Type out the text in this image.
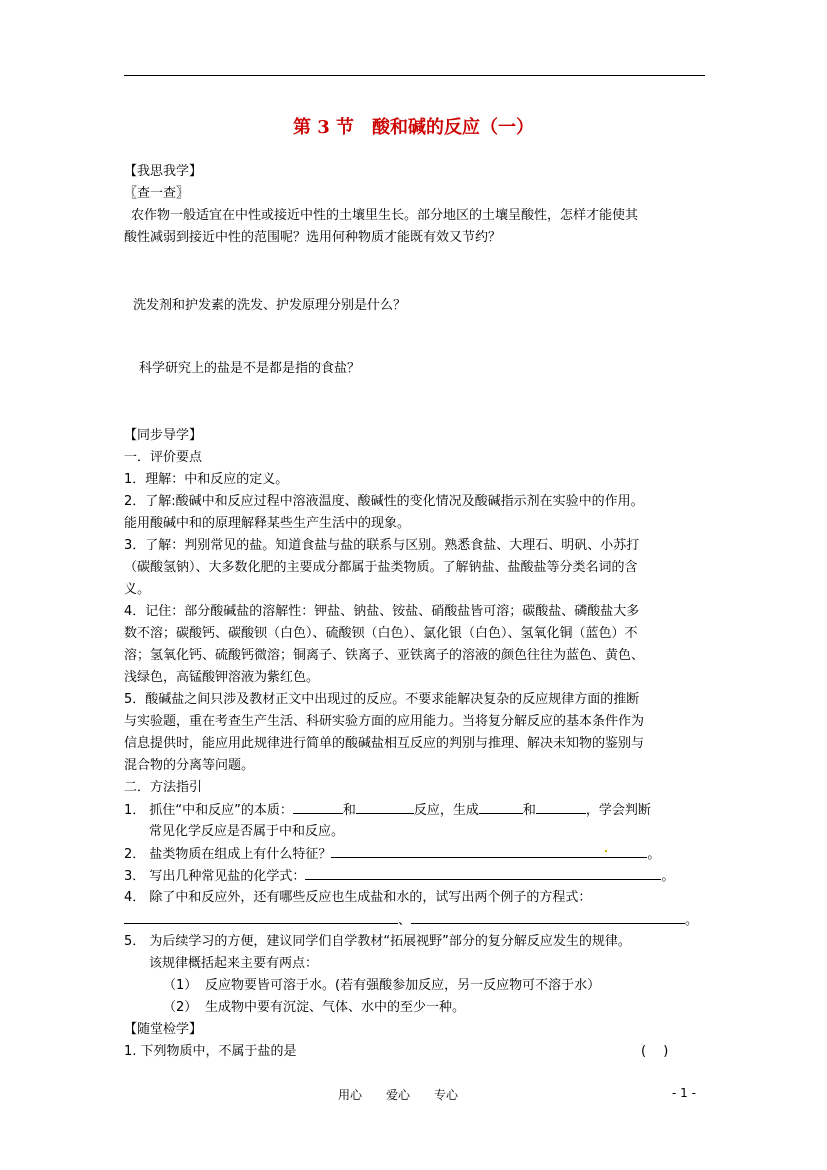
第 3 节　酸和碱的反应（一）
【我思我学】
〖查一查〗
农作物一般适宜在中性或接近中性的土壤里生长。部分地区的土壤呈酸性，怎样才能使其
酸性减弱到接近中性的范围呢？选用何种物质才能既有效又节约？
洗发剂和护发素的洗发、护发原理分别是什么？
科学研究上的盐是不是都是指的食盐？
【同步导学】
一．评价要点
1．理解：中和反应的定义。
2．了解:酸碱中和反应过程中溶液温度、酸碱性的变化情况及酸碱指示剂在实验中的作用。
能用酸碱中和的原理解释某些生产生活中的现象。
3．了解：判别常见的盐。知道食盐与盐的联系与区别。熟悉食盐、大理石、明矾、小苏打
（碳酸氢钠）、大多数化肥的主要成分都属于盐类物质。了解钠盐、盐酸盐等分类名词的含
义。
4．记住：部分酸碱盐的溶解性：钾盐、钠盐、铵盐、硝酸盐皆可溶；碳酸盐、磷酸盐大多
数不溶；碳酸钙、碳酸钡（白色）、硫酸钡（白色）、氯化银（白色）、氢氧化铜（蓝色）不
溶；氢氧化钙、硫酸钙微溶；铜离子、铁离子、亚铁离子的溶液的颜色往往为蓝色、黄色、
浅绿色，高锰酸钾溶液为紫红色。
5．酸碱盐之间只涉及教材正文中出现过的反应。不要求能解决复杂的反应规律方面的推断
与实验题，重在考查生产生活、科研实验方面的应用能力。当将复分解反应的基本条件作为
信息提供时，能应用此规律进行简单的酸碱盐相互反应的判别与推理、解决未知物的鉴别与
混合物的分离等问题。
二．方法指引
1． 抓住“中和反应”的本质：	和	反应，生成	和	，学会判断
常见化学反应是否属于中和反应。
2． 盐类物质在组成上有什么特征？	。
3． 写出几种常见盐的化学式：	。
4． 除了中和反应外，还有哪些反应也生成盐和水的，试写出两个例子的方程式：
、	。
5． 为后续学习的方便，建议同学们自学教材“拓展视野”部分的复分解反应发生的规律。
该规律概括起来主要有两点：
（1） 反应物要皆可溶于水。(若有强酸参加反应，另一反应物可不溶于水）
（2） 生成物中要有沉淀、气体、水中的至少一种。
【随堂检学】
1. 下列物质中，不属于盐的是	(　 )
用心　　爱心　　专心	- 1 -
